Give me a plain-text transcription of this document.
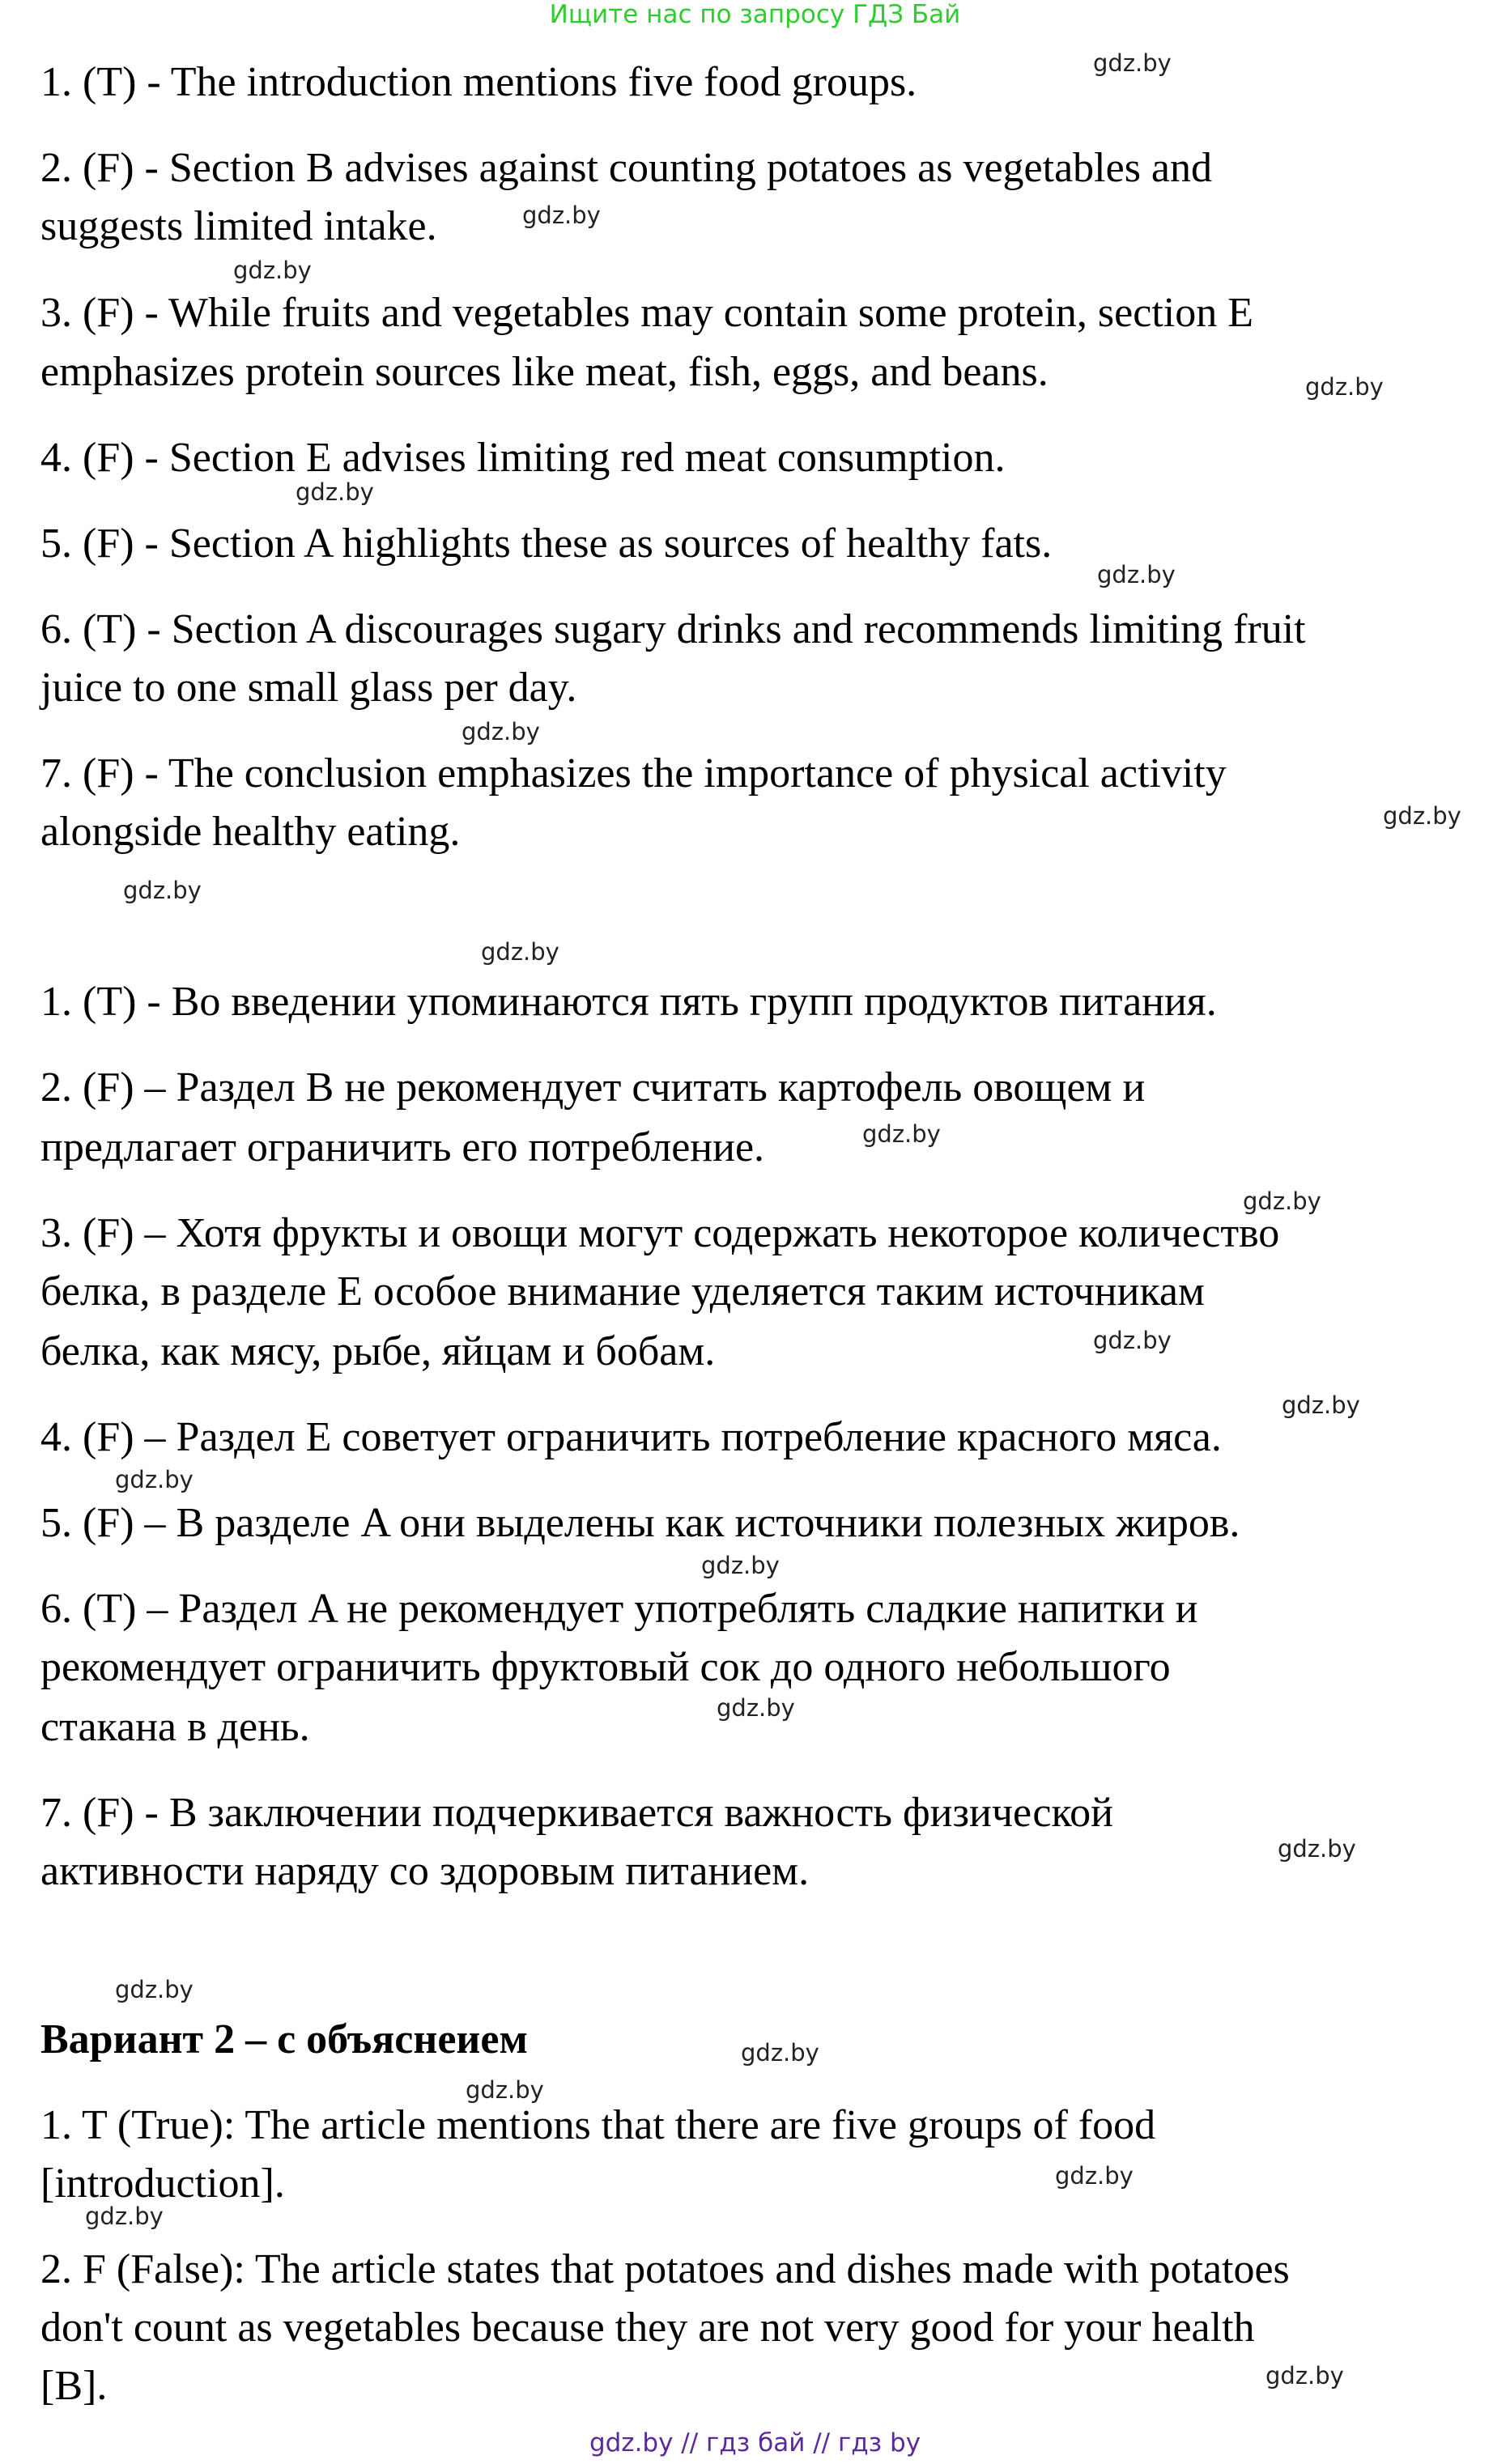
Ищите нас по запросу ГДЗ Бай
1. (T) - The introduction mentions five food groups.
2. (F) - Section B advises against counting potatoes as vegetables and
suggests limited intake.
3. (F) - While fruits and vegetables may contain some protein, section E
emphasizes protein sources like meat, fish, eggs, and beans.
4. (F) - Section E advises limiting red meat consumption.
5. (F) - Section A highlights these as sources of healthy fats.
6. (T) - Section A discourages sugary drinks and recommends limiting fruit
juice to one small glass per day.
7. (F) - The conclusion emphasizes the importance of physical activity
alongside healthy eating.
1. (T) - Во введении упоминаются пять групп продуктов питания.
2. (F) – Раздел B не рекомендует считать картофель овощем и
предлагает ограничить его потребление.
3. (F) – Хотя фрукты и овощи могут содержать некоторое количество
белка, в разделе E особое внимание уделяется таким источникам
белка, как мясу, рыбе, яйцам и бобам.
4. (F) – Раздел E советует ограничить потребление красного мяса.
5. (F) – В разделе A они выделены как источники полезных жиров.
6. (T) – Раздел A не рекомендует употреблять сладкие напитки и
рекомендует ограничить фруктовый сок до одного небольшого
стакана в день.
7. (F) - В заключении подчеркивается важность физической
активности наряду со здоровым питанием.
Вариант 2 – с объяснеием
1. T (True): The article mentions that there are five groups of food
[introduction].
2. F (False): The article states that potatoes and dishes made with potatoes
don't count as vegetables because they are not very good for your health
[B].
gdz.by
gdz.by
gdz.by
gdz.by
gdz.by
gdz.by
gdz.by
gdz.by
gdz.by
gdz.by
gdz.by
gdz.by
gdz.by
gdz.by
gdz.by
gdz.by
gdz.by
gdz.by
gdz.by
gdz.by
gdz.by
gdz.by
gdz.by
gdz.by
gdz.by // гдз бай // гдз by
